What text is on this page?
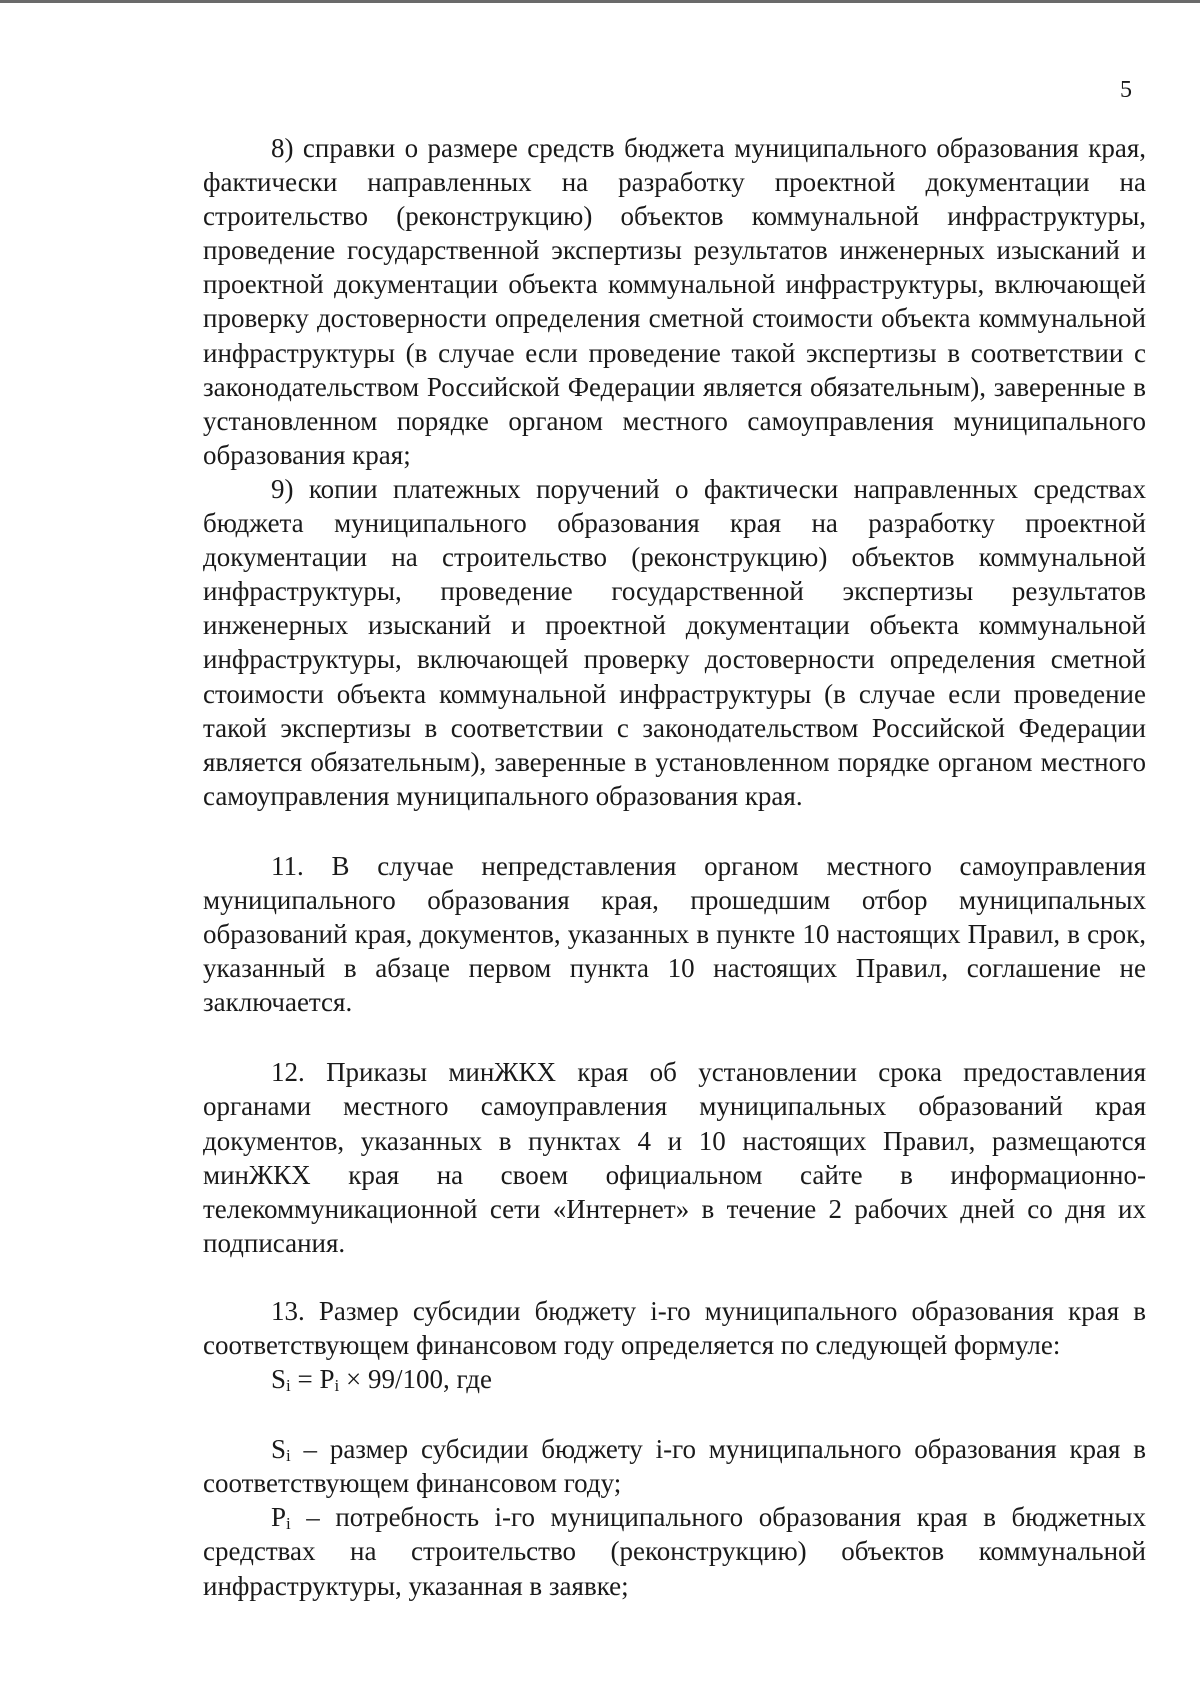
5

8) справки о размере средств бюджета муниципального образования края, фактически направленных на разработку проектной документации на строительство (реконструкцию) объектов коммунальной инфраструктуры, проведение государственной экспертизы результатов инженерных изысканий и проектной документации объекта коммунальной инфраструктуры, включающей проверку достоверности определения сметной стоимости объекта коммунальной инфраструктуры (в случае если проведение такой экспертизы в соответствии с законодательством Российской Федерации является обязательным), заверенные в установленном порядке органом местного самоуправления муниципального образования края;

9) копии платежных поручений о фактически направленных средствах бюджета муниципального образования края на разработку проектной документации на строительство (реконструкцию) объектов коммунальной инфраструктуры, проведение государственной экспертизы результатов инженерных изысканий и проектной документации объекта коммунальной инфраструктуры, включающей проверку достоверности определения сметной стоимости объекта коммунальной инфраструктуры (в случае если проведение такой экспертизы в соответствии с законодательством Российской Федерации является обязательным), заверенные в установленном порядке органом местного самоуправления муниципального образования края.

11. В случае непредставления органом местного самоуправления муниципального образования края, прошедшим отбор муниципальных образований края, документов, указанных в пункте 10 настоящих Правил, в срок, указанный в абзаце первом пункта 10 настоящих Правил, соглашение не заключается.

12. Приказы минЖКХ края об установлении срока предоставления органами местного самоуправления муниципальных образований края документов, указанных в пунктах 4 и 10 настоящих Правил, размещаются минЖКХ края на своем официальном сайте в информационно-телекоммуникационной сети «Интернет» в течение 2 рабочих дней со дня их подписания.

13. Размер субсидии бюджету i-го муниципального образования края в соответствующем финансовом году определяется по следующей формуле:

$S_i = P_i \times 99/100$, где

$S_i$ – размер субсидии бюджету i-го муниципального образования края в соответствующем финансовом году;

$P_i$ – потребность i-го муниципального образования края в бюджетных средствах на строительство (реконструкцию) объектов коммунальной инфраструктуры, указанная в заявке;
